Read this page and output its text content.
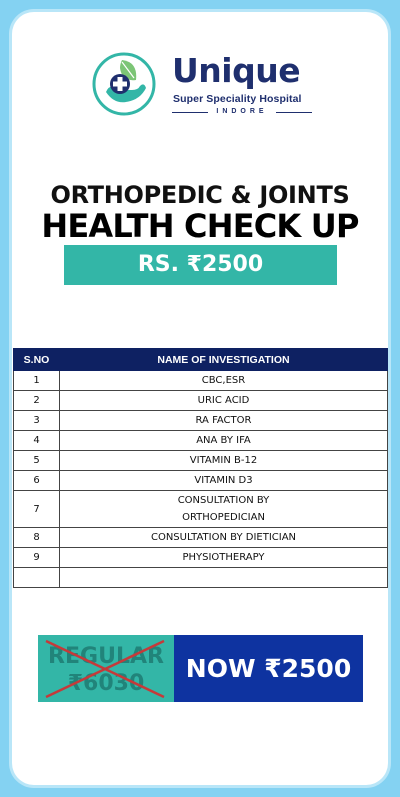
Unique
Super Speciality Hospital
INDORE
ORTHOPEDIC & JOINTS
HEALTH CHECK UP
RS. ₹2500
S.NO	NAME OF INVESTIGATION
1	CBC,ESR
2	URIC ACID
3	RA FACTOR
4	ANA BY IFA
5	VITAMIN B-12
6	VITAMIN D3
7	CONSULTATION BY
ORTHOPEDICIAN
8	CONSULTATION BY DIETICIAN
9	PHYSIOTHERAPY

REGULAR
₹6030
NOW ₹2500
